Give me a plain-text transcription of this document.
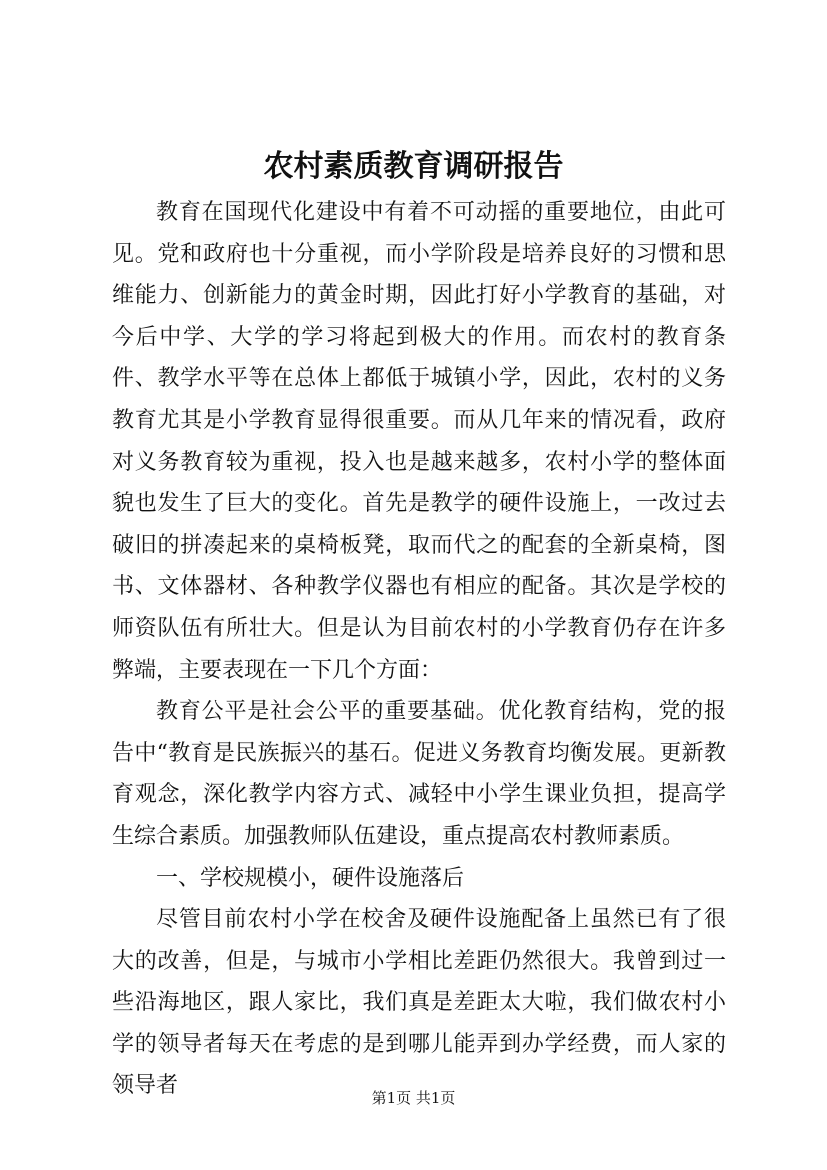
农村素质教育调研报告

教育在国现代化建设中有着不可动摇的重要地位，由此可见。党和政府也十分重视，而小学阶段是培养良好的习惯和思维能力、创新能力的黄金时期，因此打好小学教育的基础，对今后中学、大学的学习将起到极大的作用。而农村的教育条件、教学水平等在总体上都低于城镇小学，因此，农村的义务教育尤其是小学教育显得很重要。而从几年来的情况看，政府对义务教育较为重视，投入也是越来越多，农村小学的整体面貌也发生了巨大的变化。首先是教学的硬件设施上，一改过去破旧的拼凑起来的桌椅板凳，取而代之的配套的全新桌椅，图书、文体器材、各种教学仪器也有相应的配备。其次是学校的师资队伍有所壮大。但是认为目前农村的小学教育仍存在许多弊端，主要表现在一下几个方面：

教育公平是社会公平的重要基础。优化教育结构，党的报告中“教育是民族振兴的基石。促进义务教育均衡发展。更新教育观念，深化教学内容方式、减轻中小学生课业负担，提高学生综合素质。加强教师队伍建设，重点提高农村教师素质。

一、学校规模小，硬件设施落后

尽管目前农村小学在校舍及硬件设施配备上虽然已有了很大的改善，但是，与城市小学相比差距仍然很大。我曾到过一些沿海地区，跟人家比，我们真是差距太大啦，我们做农村小学的领导者每天在考虑的是到哪儿能弄到办学经费，而人家的领导者	第1页 共1页
